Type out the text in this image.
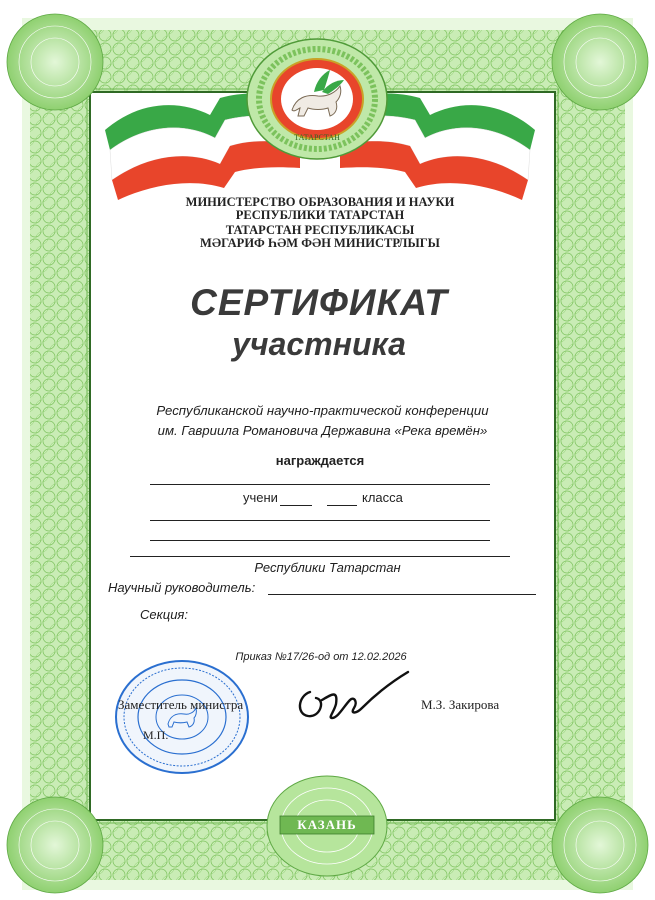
ТАТАРСТАН
МИНИСТЕРСТВО ОБРАЗОВАНИЯ И НАУКИ
РЕСПУБЛИКИ ТАТАРСТАН
ТАТАРСТАН РЕСПУБЛИКАСЫ
МӘГАРИФ ҺӘМ ФӘН МИНИСТРЛЫГЫ
СЕРТИФИКАТ
участника
Республиканской научно-практической конференции
им. Гавриила Романовича Державина «Река времён»
награждается
учени	класса
Республики Татарстан
Научный руководитель:
Секция:
Приказ №17/26-од от 12.02.2026
Заместитель министра
М.П.
М.З. Закирова
КАЗАНЬ
